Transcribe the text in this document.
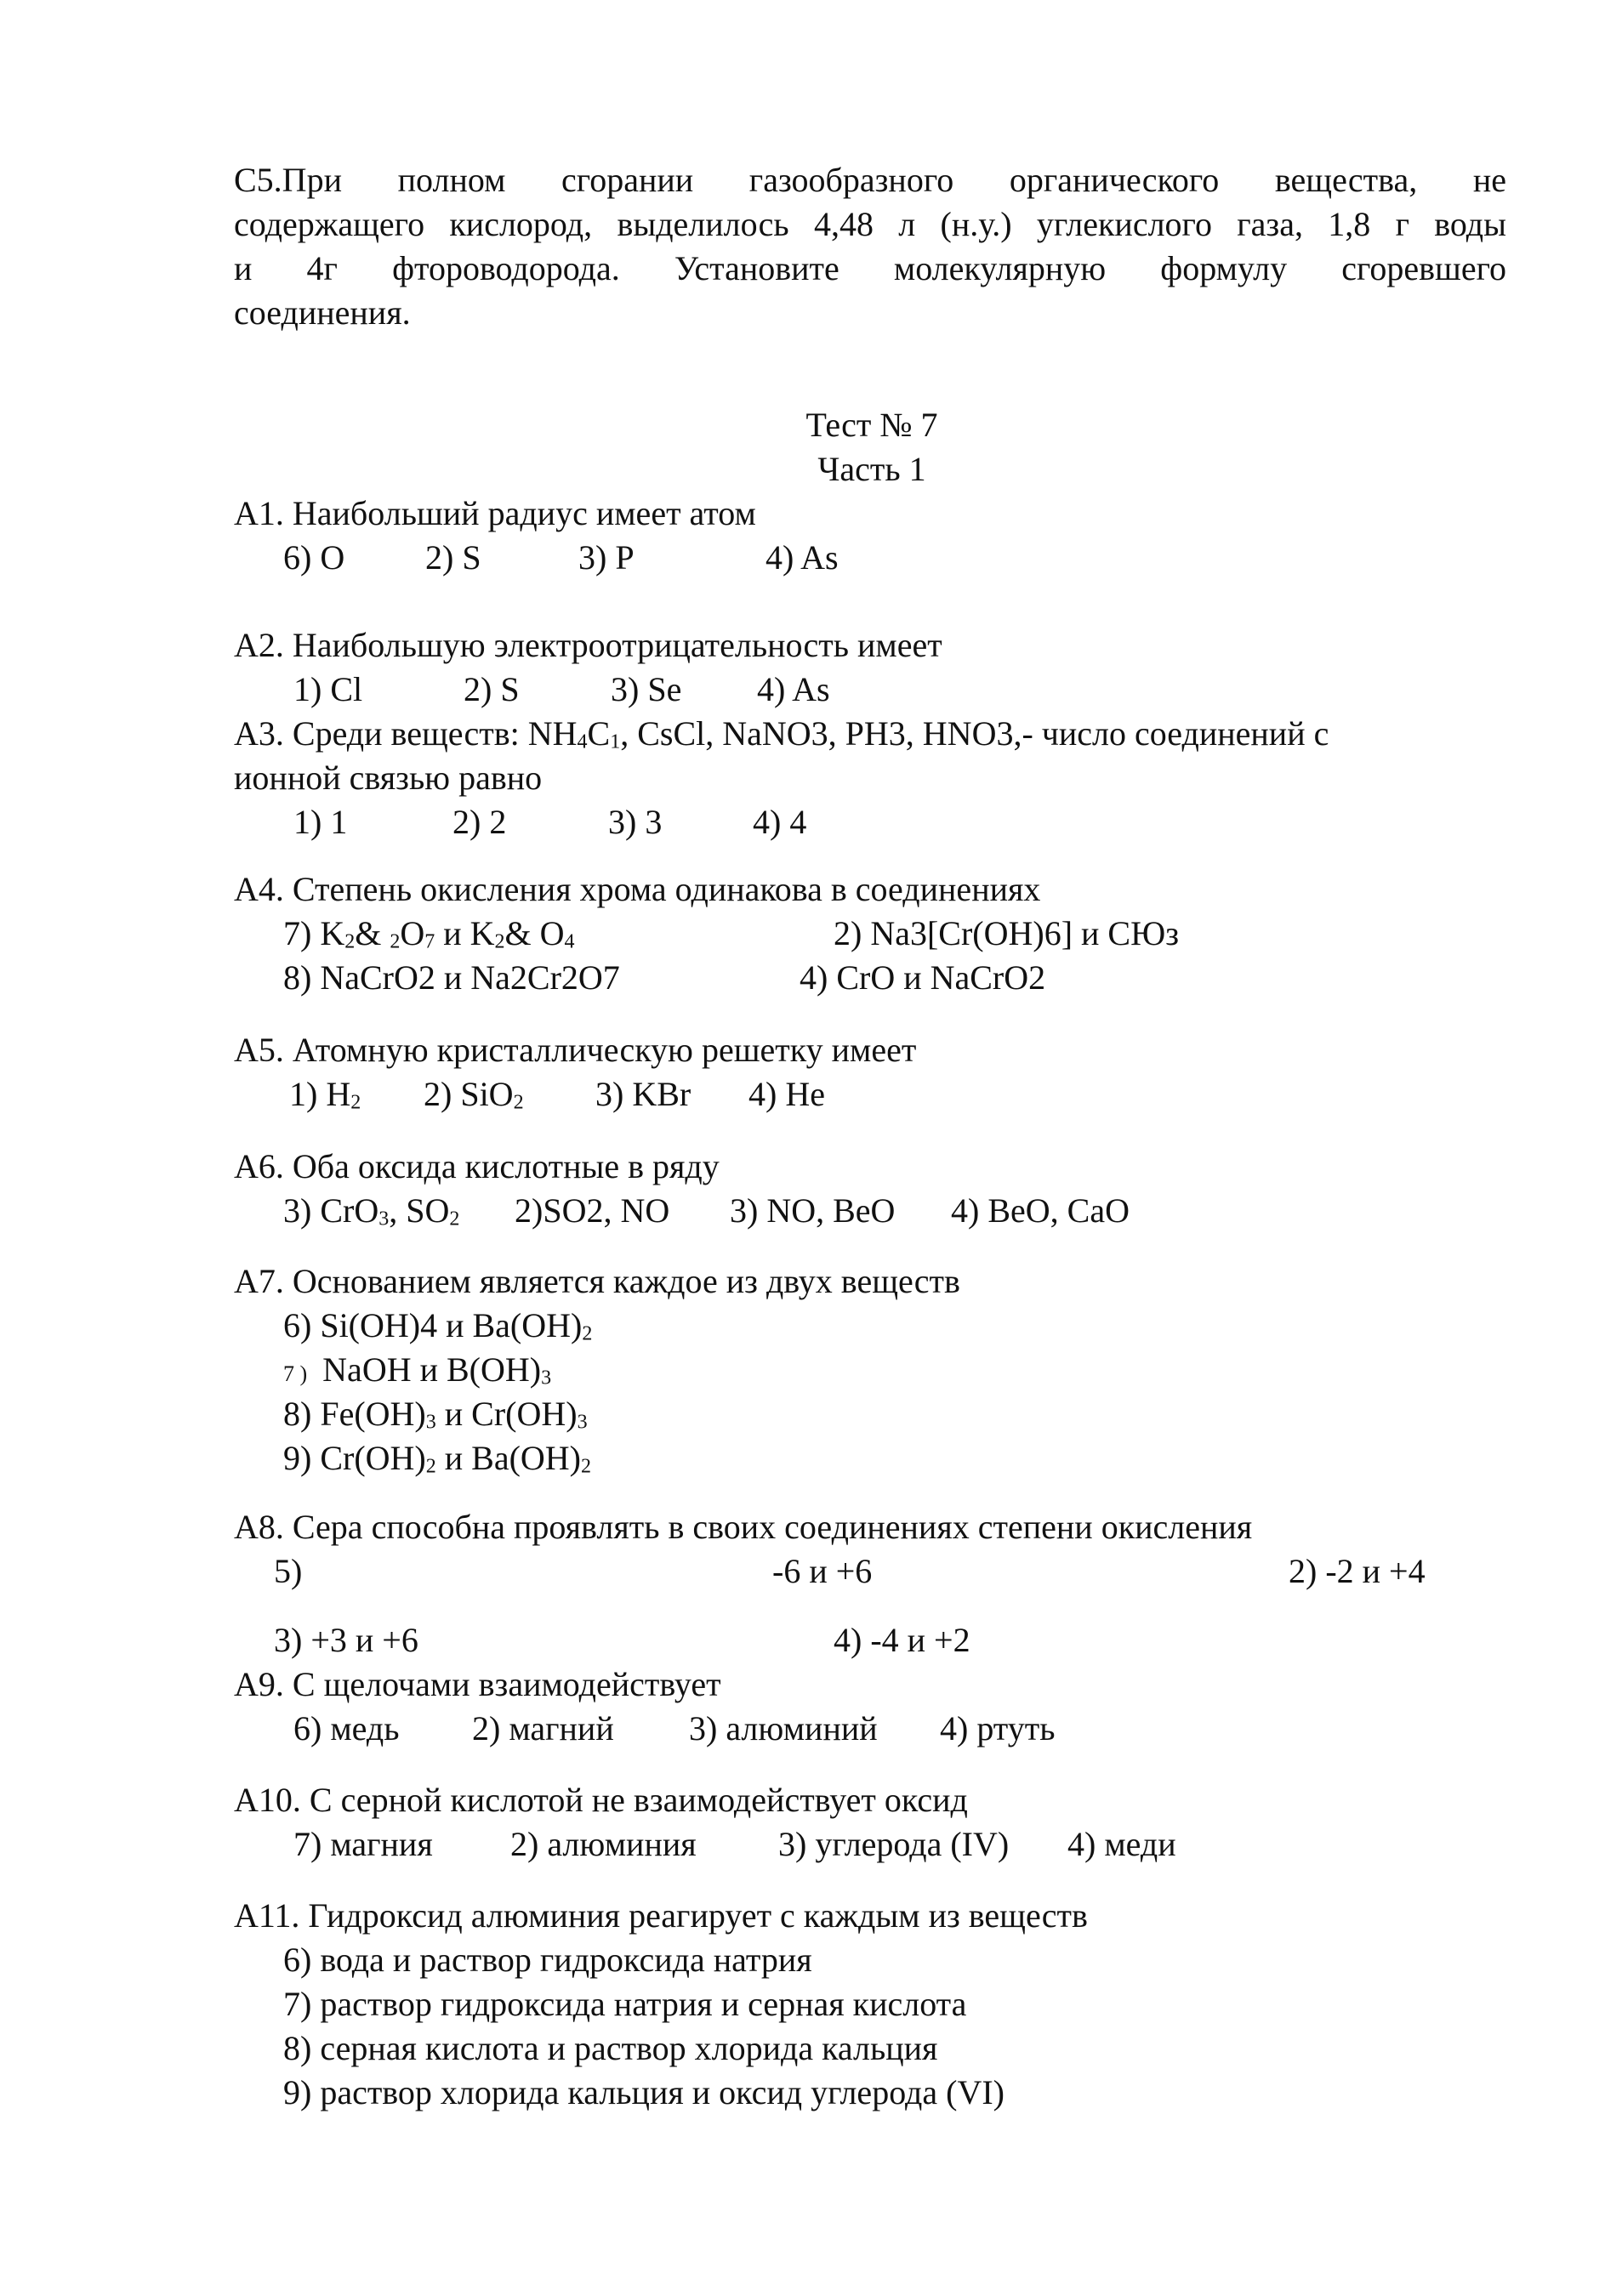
С5.При полном сгорании газообразного органического вещества, не
содержащего кислород, выделилось 4,48 л (н.у.) углекислого газа, 1,8 г воды
и 4г фтороводорода. Установите молекулярную формулу сгоревшего
соединения.
Тест № 7
Часть 1
А1. Наибольший радиус имеет атом
6) O 2) S	3) P	4) As
А2. Наибольшую электроотрицательность имеет
1) Cl	2) S	3) Se 4) As
А3. Среди веществ: $NH_4C_1$, CsCl, NaNO3, PH3, HNO3,- число соединений с
ионной связью равно
1) 1	2) 2	3) 3	4) 4
А4. Степень окисления хрома одинакова в соединениях
7) $K_2\&$ $_2O_7$ и $K_2\&$ $O_4$	2) Na3[Cr(OH)6] и CЮз
8) NaCrO2 и Na2Cr2O7	4) CrO и NaCrO2
А5. Атомную кристаллическую решетку имеет
1) $H_2$ 2) SiO$_2$ 3) KBr 4) He
А6. Оба оксида кислотные в ряду
3) CrO$_3$, $SO_2$ 2)SO2, NO 3) NO, BeO 4) BeO, CaO
А7. Основанием является каждое из двух веществ
6) Si(OH)4 и $Ba(OH)_2$
7 ) NaOH и $B(OH)_3$
8) $Fe(OH)_3$ и $Cr(OH)_3$
9) $Cr(OH)_2$ и $Ba(OH)_2$
А8. Сера способна проявлять в своих соединениях степени окисления
5)	-6 и +6	2) -2 и +4
3) +3 и +6	4) -4 и +2
А9. С щелочами взаимодействует
6) медь 2) магний 3) алюминий 4) ртуть
А10. С серной кислотой не взаимодействует оксид
7) магния 2) алюминия 3) углерода (IV) 4) меди
А11. Гидроксид алюминия реагирует с каждым из веществ
6) вода и раствор гидроксида натрия
7) раствор гидроксида натрия и серная кислота
8) серная кислота и раствор хлорида кальция
9) раствор хлорида кальция и оксид углерода (VI)
